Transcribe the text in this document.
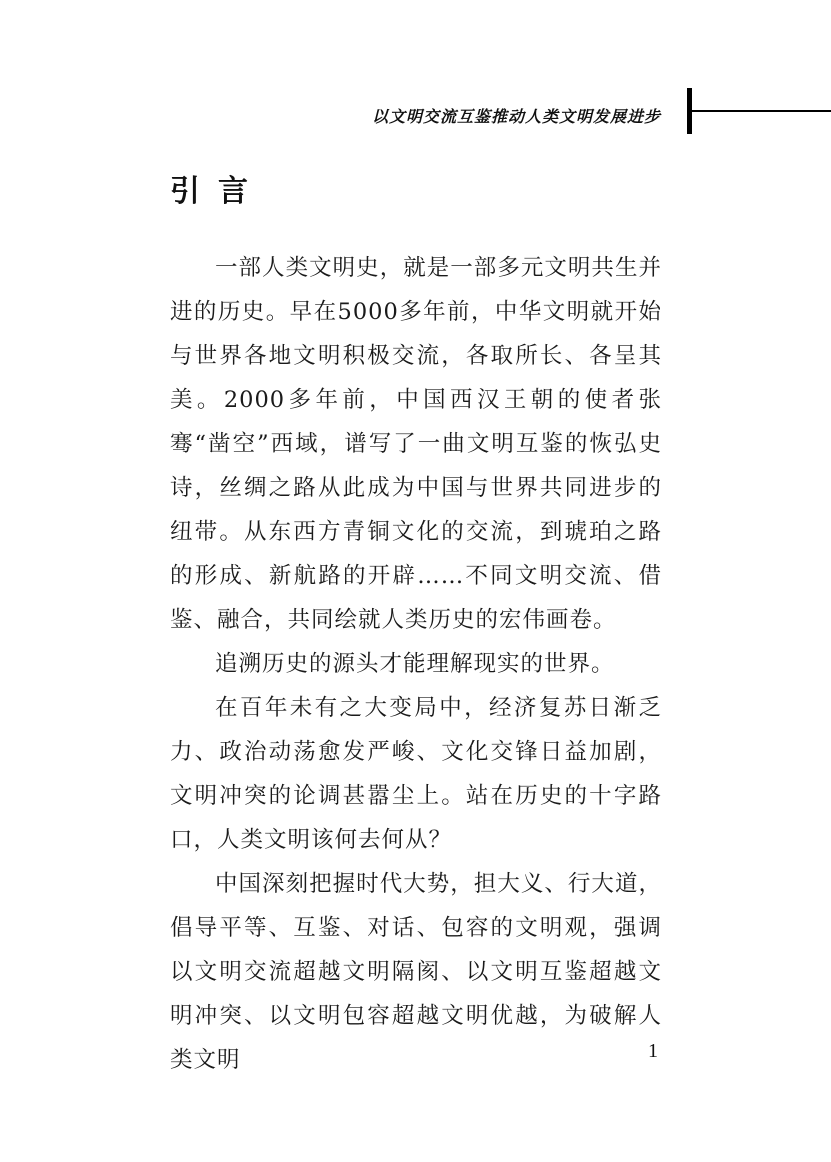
以文明交流互鉴推动人类文明发展进步
引言

一部人类文明史，就是一部多元文明共生并进的历史。早在5000多年前，中华文明就开始与世界各地文明积极交流，各取所长、各呈其美。2000多年前，中国西汉王朝的使者张骞“凿空”西域，谱写了一曲文明互鉴的恢弘史诗，丝绸之路从此成为中国与世界共同进步的纽带。从东西方青铜文化的交流，到琥珀之路的形成、新航路的开辟……不同文明交流、借鉴、融合，共同绘就人类历史的宏伟画卷。

追溯历史的源头才能理解现实的世界。

在百年未有之大变局中，经济复苏日渐乏力、政治动荡愈发严峻、文化交锋日益加剧，文明冲突的论调甚嚣尘上。站在历史的十字路口，人类文明该何去何从？

中国深刻把握时代大势，担大义、行大道，倡导平等、互鉴、对话、包容的文明观，强调以文明交流超越文明隔阂、以文明互鉴超越文明冲突、以文明包容超越文明优越，为破解人类文明	1
